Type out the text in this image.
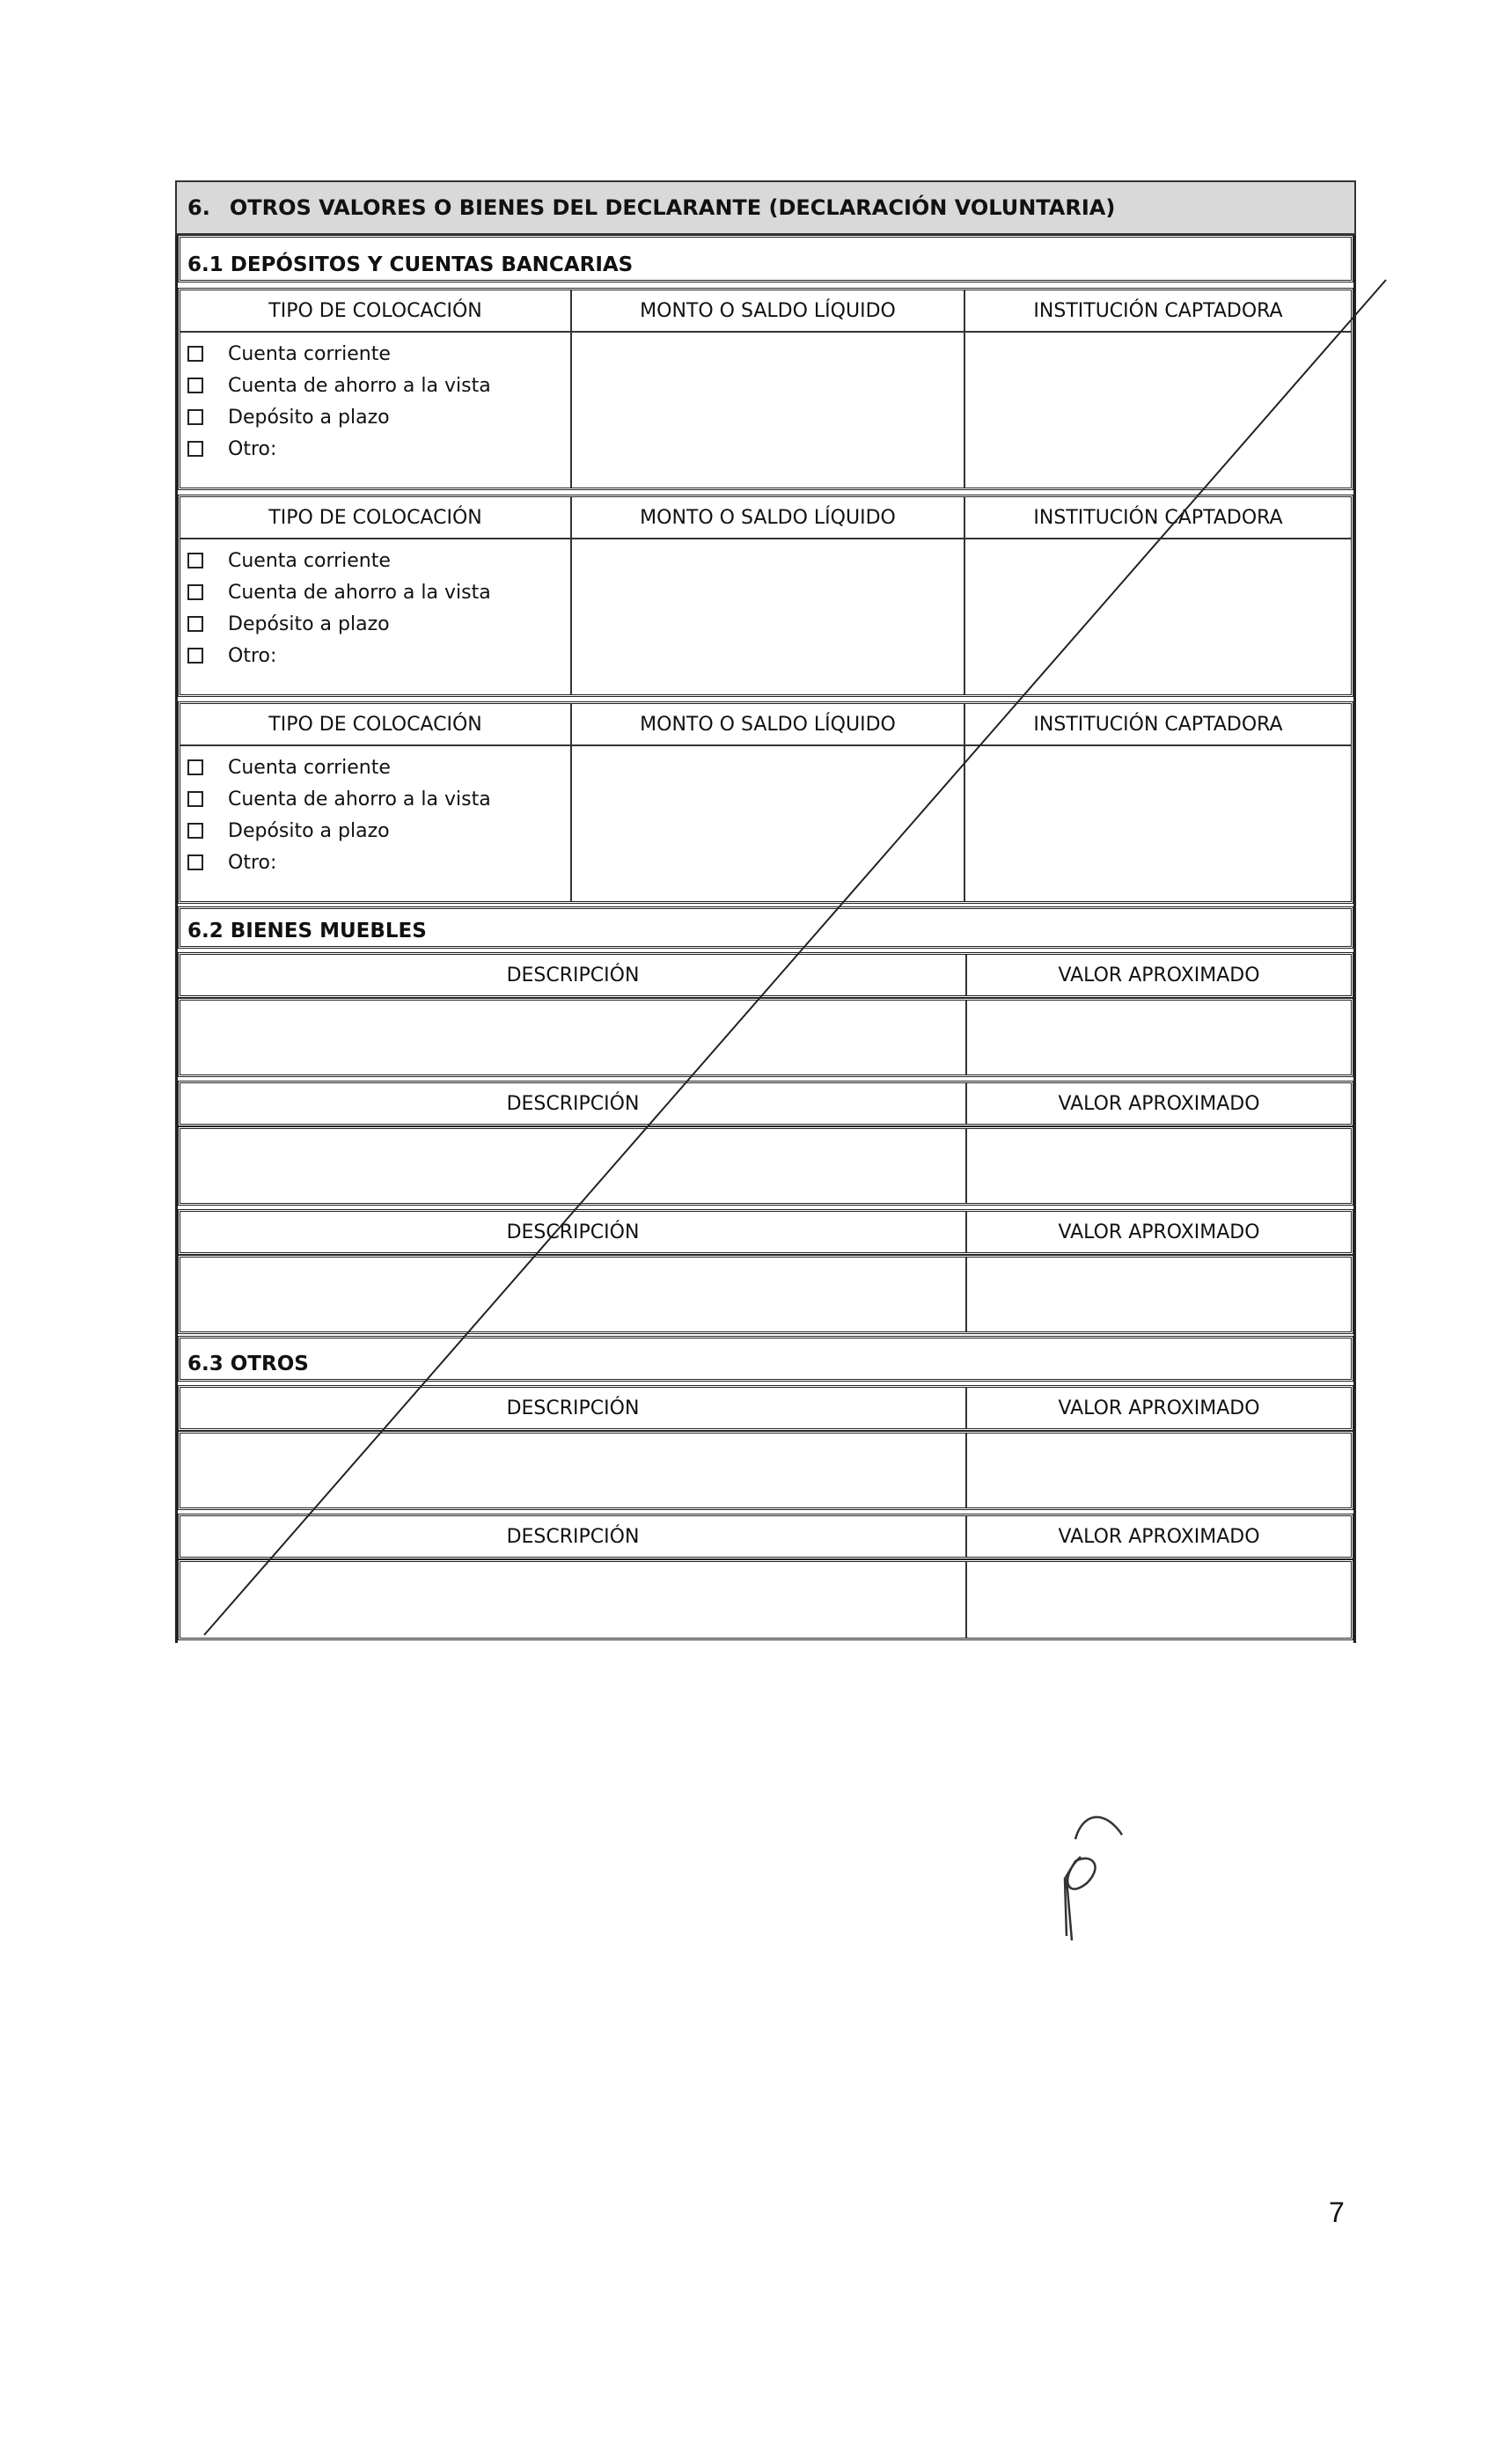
6. OTROS VALORES O BIENES DEL DECLARANTE (DECLARACIÓN VOLUNTARIA)
6.1 DEPÓSITOS Y CUENTAS BANCARIAS
TIPO DE COLOCACIÓN	MONTO O SALDO LÍQUIDO	INSTITUCIÓN CAPTADORA
Cuenta corriente
Cuenta de ahorro a la vista
Depósito a plazo
Otro:
TIPO DE COLOCACIÓN	MONTO O SALDO LÍQUIDO	INSTITUCIÓN CAPTADORA
Cuenta corriente
Cuenta de ahorro a la vista
Depósito a plazo
Otro:
TIPO DE COLOCACIÓN	MONTO O SALDO LÍQUIDO	INSTITUCIÓN CAPTADORA
Cuenta corriente
Cuenta de ahorro a la vista
Depósito a plazo
Otro:
6.2 BIENES MUEBLES
DESCRIPCIÓN	VALOR APROXIMADO
DESCRIPCIÓN	VALOR APROXIMADO
DESCRIPCIÓN	VALOR APROXIMADO
6.3 OTROS
DESCRIPCIÓN	VALOR APROXIMADO
DESCRIPCIÓN	VALOR APROXIMADO
7
